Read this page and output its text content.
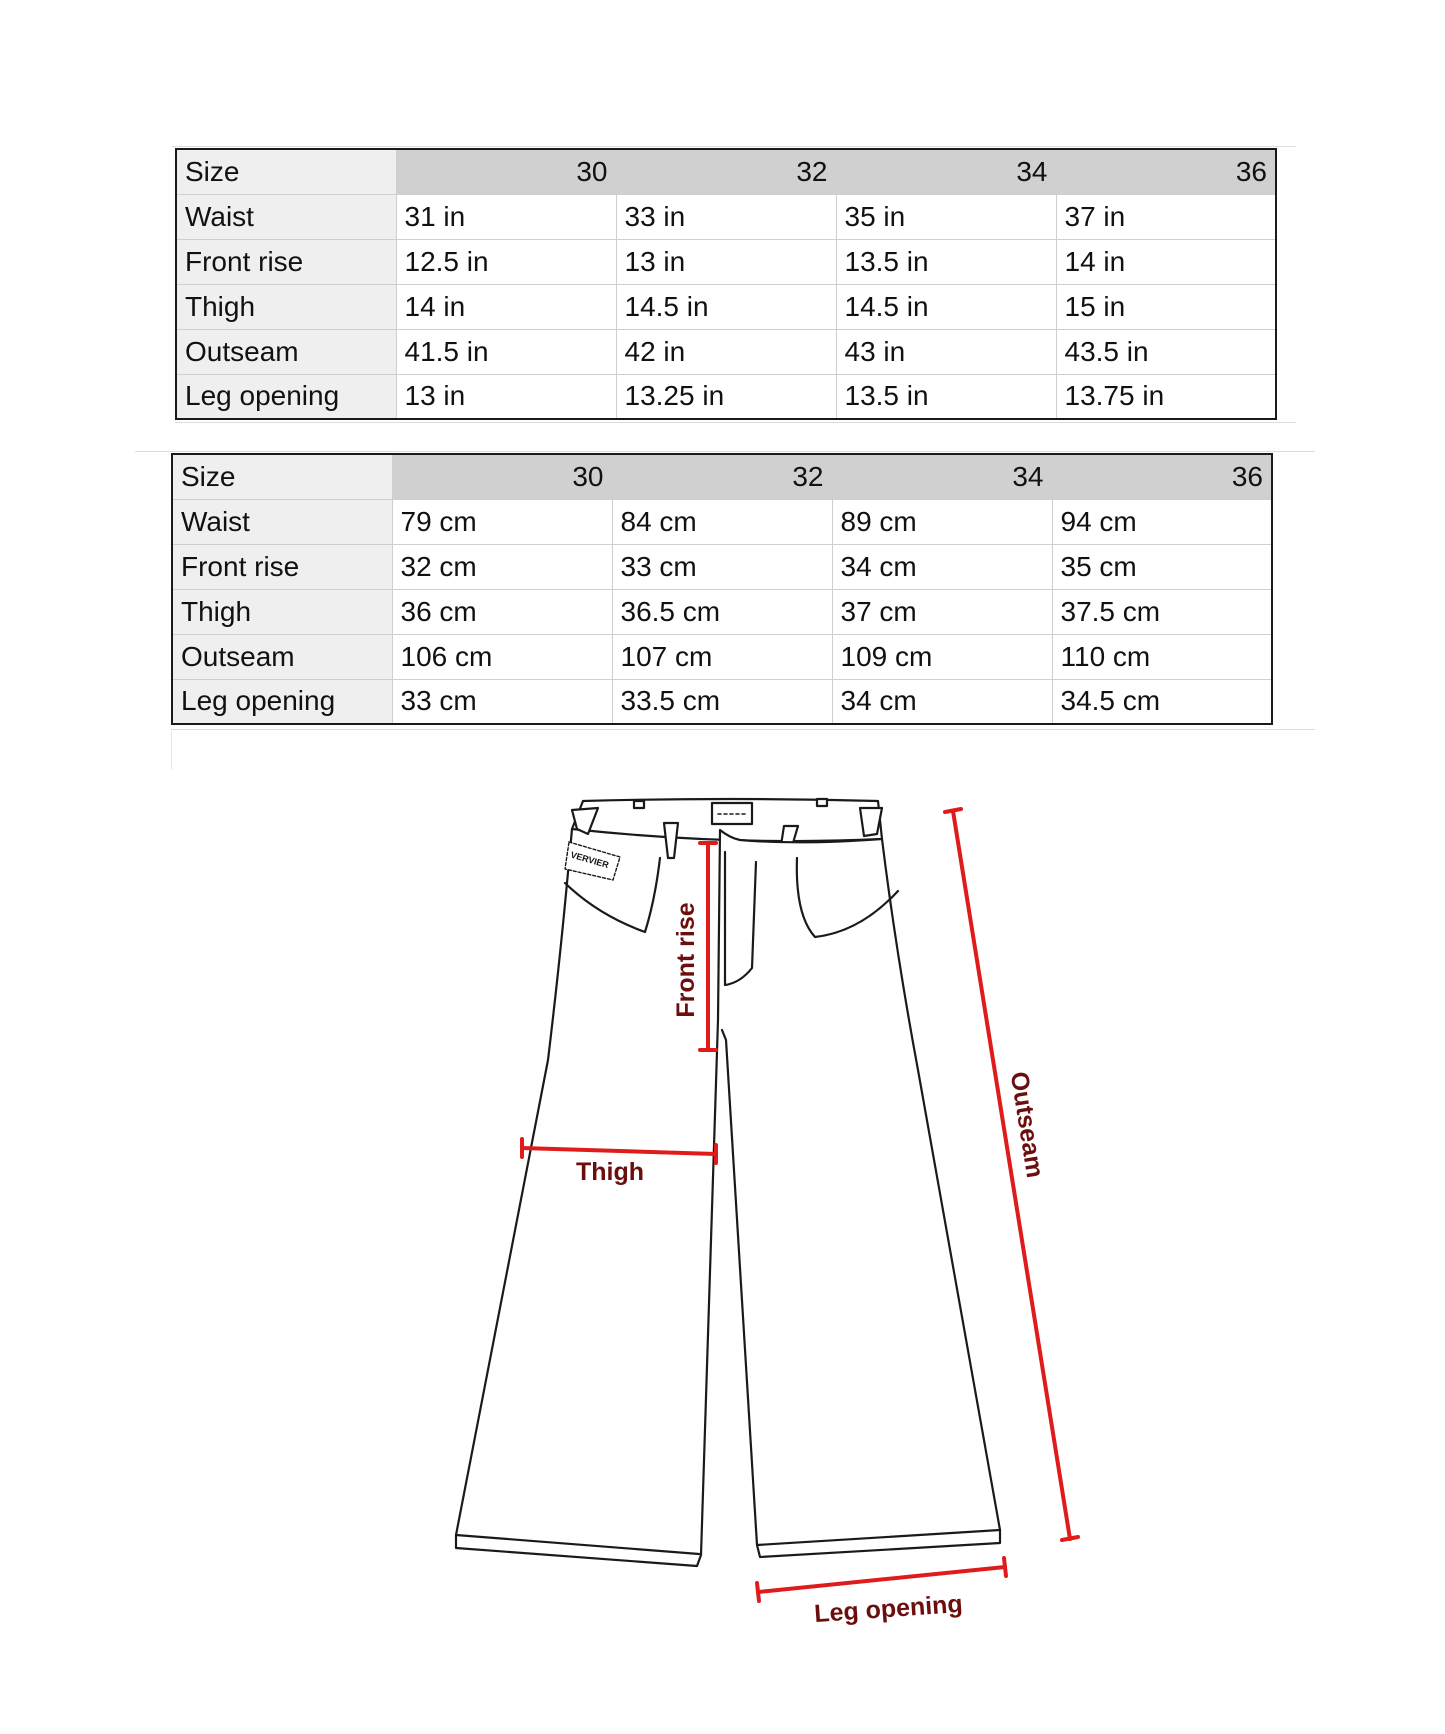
Size	30	32	34	36
Waist	31 in	33 in	35 in	37 in
Front rise	12.5 in	13 in	13.5 in	14 in
Thigh	14 in	14.5 in	14.5 in	15 in
Outseam	41.5 in	42 in	43 in	43.5 in
Leg opening	13 in	13.25 in	13.5 in	13.75 in
Size	30	32	34	36
Waist	79 cm	84 cm	89 cm	94 cm
Front rise	32 cm	33 cm	34 cm	35 cm
Thigh	36 cm	36.5 cm	37 cm	37.5 cm
Outseam	106 cm	107 cm	109 cm	110 cm
Leg opening	33 cm	33.5 cm	34 cm	34.5 cm
VERVIER
Front rise
Thigh	Outseam
Leg opening
